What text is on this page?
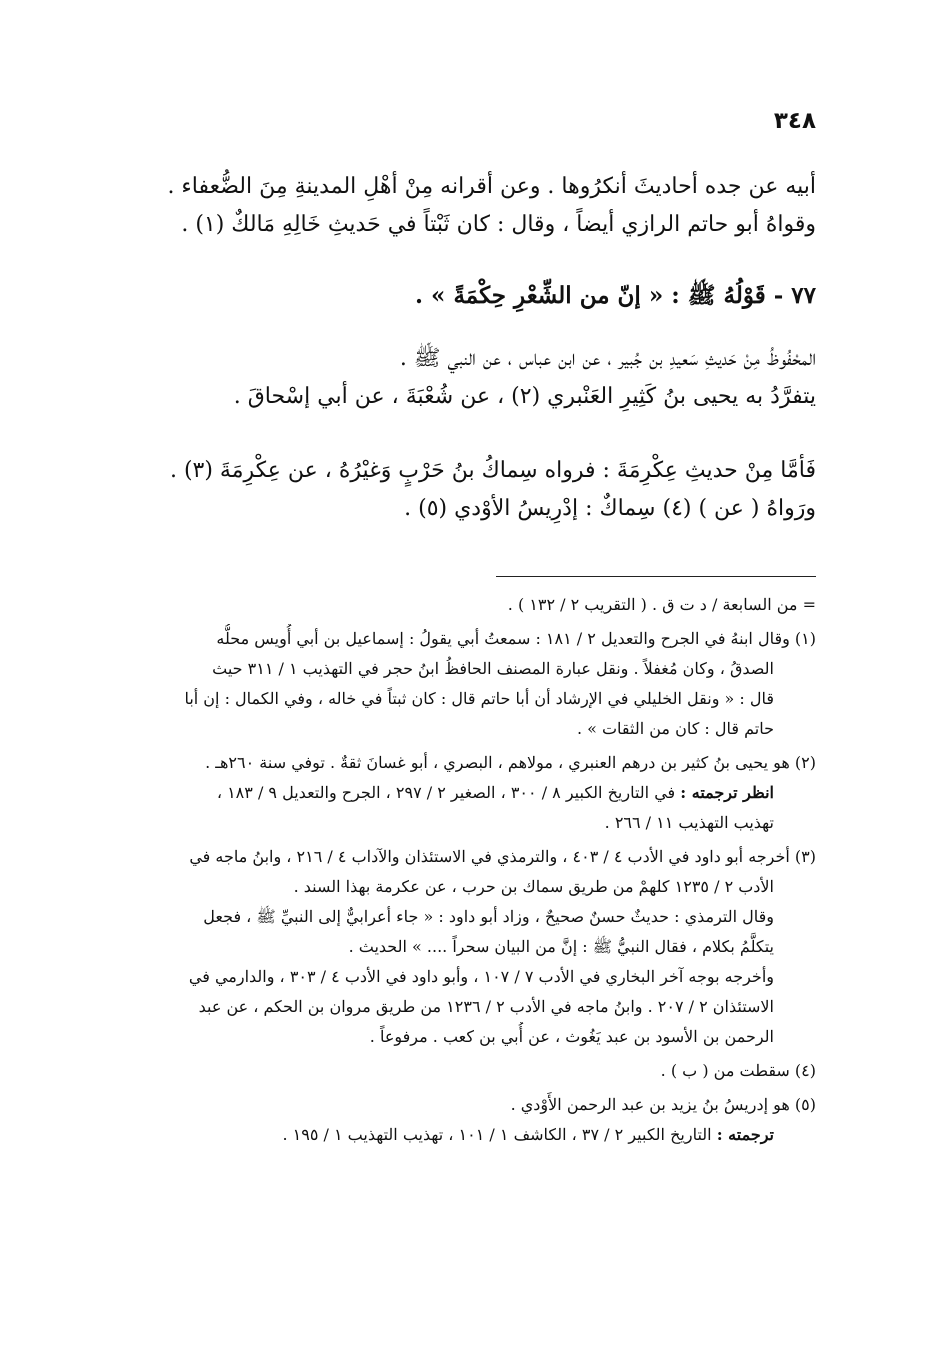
٣٤٨

أبيه عن جده أحاديثَ أنكرُوها . وعن أقرانه مِنْ أهْلِ المدينةِ مِنَ الضُّعفاء .
وقواهُ أبو حاتم الرازي أيضاً ، وقال : كان ثَبْتاً في حَديثِ خَالِهِ مَالكٌ (١) .

٧٧ - قَوْلُهُ ﷺ : « إنّ من الشِّعْرِ حِكْمَةً » .

المحْفُوظُ مِنْ حَديثِ سَعيدِ بن جُبير ، عن ابن عباس ، عن النبي ﷺ .
يتفرَّدُ به يحيى بنُ كَثِيرِ العَنْبري (٢) ، عن شُعْبَةَ ، عن أبي إسْحاقَ .

فَأمَّا مِنْ حديثِ عِكْرِمَةَ : فرواه سِماكُ بنُ حَرْبٍ وَغيْرُهُ ، عن عِكْرِمَةَ (٣) .
ورَواهُ ( عن ) (٤) سِماكٌ : إدْرِيسُ الأوْدي (٥) .

= من السابعة / د ت ق . ( التقريب ٢ / ١٣٢ ) .
(١) وقال ابنهُ في الجرح والتعديل ٢ / ١٨١ : سمعتُ أبي يقولُ : إسماعيل بن أبي أُويس محلُّه
الصدقُ ، وكان مُغفلاً . ونقل عبارة المصنف الحافظُ ابنُ حجر في التهذيب ١ / ٣١١ حيث
قال : « ونقل الخليلي في الإرشاد أن أبا حاتم قال : كان ثبتاً في خاله ، وفي الكمال : إن أبا
حاتم قال : كان من الثقات » .
(٢) هو يحيى بنُ كثير بن درهم العنبري ، مولاهم ، البصري ، أبو غسانَ ثقةٌ . توفي سنة ٢٦٠هـ .
انظر ترجمته : في التاريخ الكبير ٨ / ٣٠٠ ، الصغير ٢ / ٢٩٧ ، الجرح والتعديل ٩ / ١٨٣ ،
تهذيب التهذيب ١١ / ٢٦٦ .
(٣) أخرجه أبو داود في الأدب ٤ / ٤٠٣ ، والترمذي في الاستئذان والآداب ٤ / ٢١٦ ، وابنُ ماجه في
الأدب ٢ / ١٢٣٥ كلهمْ من طريق سماك بن حرب ، عن عكرمة بهذا السند .
وقال الترمذي : حديثٌ حسنٌ صحيحٌ ، وزاد أبو داود : « جاء أعرابيٌّ إلى النبيِّ ﷺ ، فجعل
يتكلَّمُ بكلام ، فقال النبيُّ ﷺ : إنَّ من البيان سحراً .... » الحديث .
وأخرجه بوجه آخر البخاري في الأدب ٧ / ١٠٧ ، وأبو داود في الأدب ٤ / ٣٠٣ ، والدارمي في
الاستئذان ٢ / ٢٠٧ . وابنُ ماجه في الأدب ٢ / ١٢٣٦ من طريق مروان بن الحكم ، عن عبد
الرحمن بن الأسود بن عبد يَغُوث ، عن أُبي بن كعب . مرفوعاً .
(٤) سقطت من ( ب ) .
(٥) هو إدريسُ بنُ يزيد بن عبد الرحمن الأَوْدي .
ترجمته : التاريخ الكبير ٢ / ٣٧ ، الكاشف ١ / ١٠١ ، تهذيب التهذيب ١ / ١٩٥ .
